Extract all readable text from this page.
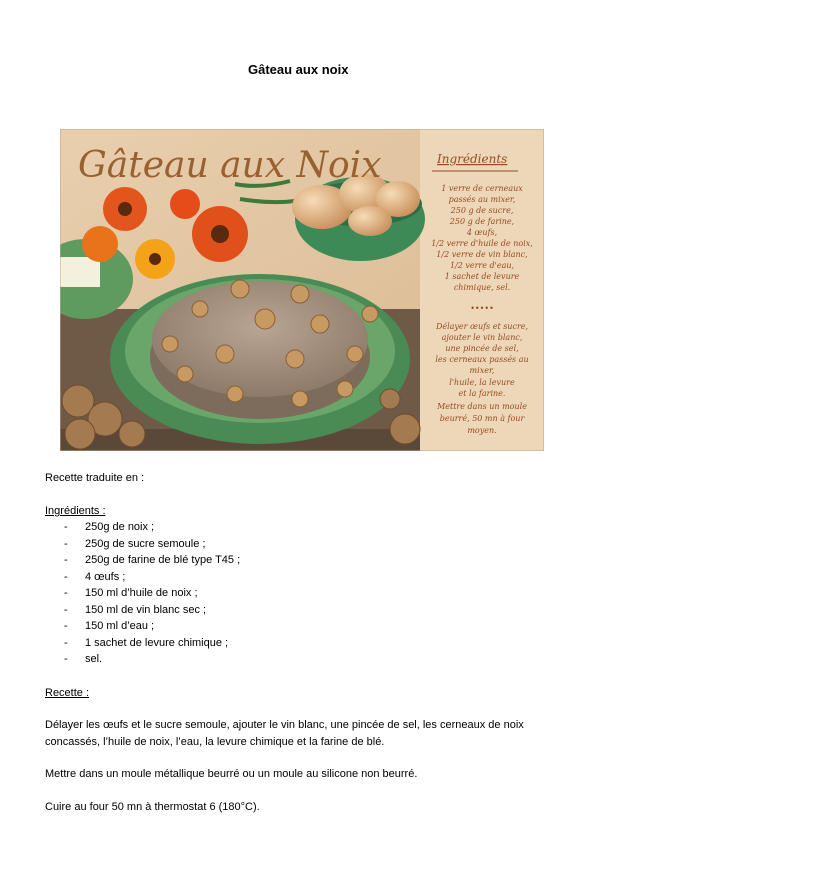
Gâteau aux noix
Gâteau aux Noix	Ingrédients
1 verre de cerneaux
passés au mixer,
250 g de sucre,
250 g de farine,
4 œufs,
1/2 verre d'huile de noix,
1/2 verre de vin blanc,
1/2 verre d'eau,
1 sachet de levure
chimique, sel.
•••••
Délayer œufs et sucre,
ajouter le vin blanc,
une pincée de sel,
les cerneaux passés au
mixer,
l'huile, la levure
et la farine.
Mettre dans un moule
beurré, 50 mn à four
moyen.
Recette traduite en :
Ingrédients :
-	250g de noix ;
-	250g de sucre semoule ;
-	250g de farine de blé type T45 ;
-	4 œufs ;
-	150 ml d’huile de noix ;
-	150 ml de vin blanc sec ;
-	150 ml d’eau ;
-	1 sachet de levure chimique ;
-	sel.
Recette :
Délayer les œufs et le sucre semoule, ajouter le vin blanc, une pincée de sel, les cerneaux de noix concassés, l’huile de noix, l’eau, la levure chimique et la farine de blé.
Mettre dans un moule métallique beurré ou un moule au silicone non beurré.
Cuire au four 50 mn à thermostat 6 (180°C).
